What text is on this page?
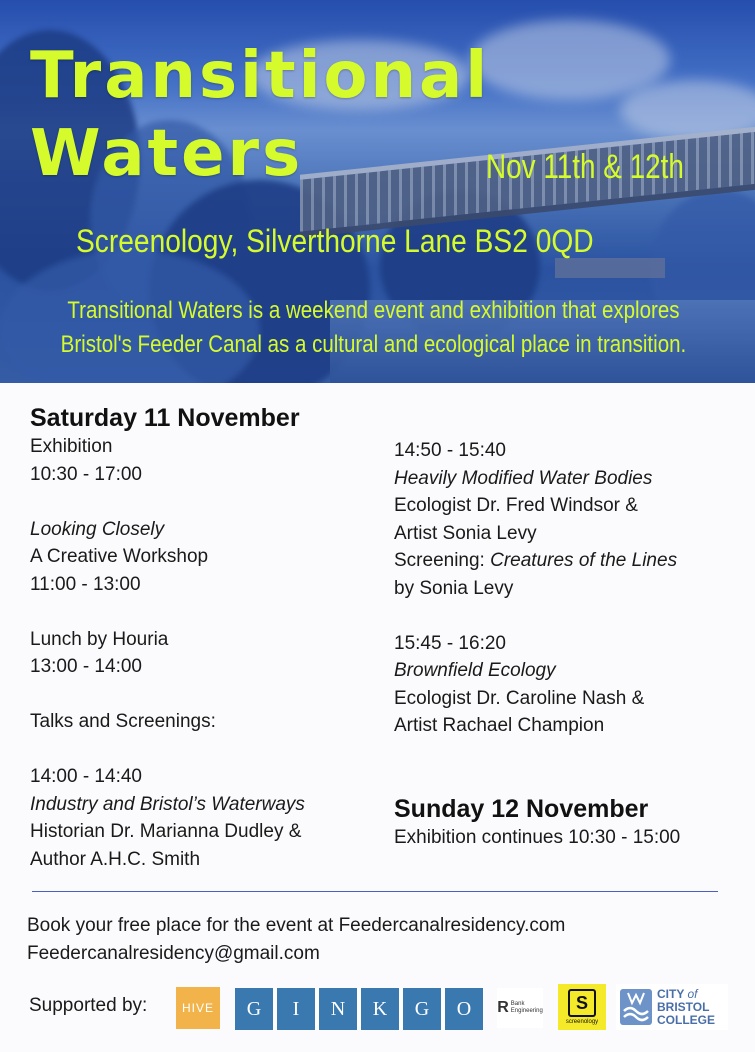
Transitional
Waters	Nov 11th & 12th
Screenology, Silverthorne Lane BS2 0QD
Transitional Waters is a weekend event and exhibition that explores
Bristol's Feeder Canal as a cultural and ecological place in transition.

Saturday 11 November

Exhibition

10:30 - 17:00

Looking Closely

A Creative Workshop

11:00 - 13:00

Lunch by Houria

13:00 - 14:00

Talks and Screenings:

14:00 - 14:40

Industry and Bristol’s Waterways

Historian Dr. Marianna Dudley &

Author A.H.C. Smith

14:50 - 15:40

Heavily Modified Water Bodies

Ecologist Dr. Fred Windsor &

Artist Sonia Levy

Screening: Creatures of the Lines

by Sonia Levy

15:45 - 16:20

Brownfield Ecology

Ecologist Dr. Caroline Nash &

Artist Rachael Champion

Sunday 12 November

Exhibition continues 10:30 - 15:00

Book your free place for the event at Feedercanalresidency.com

Feedercanalresidency@gmail.com

Supported by:	HIVE	G	I	N	K	G	O	R Bank
Engineering	S
screenology
CITY of
BRISTOL
COLLEGE
